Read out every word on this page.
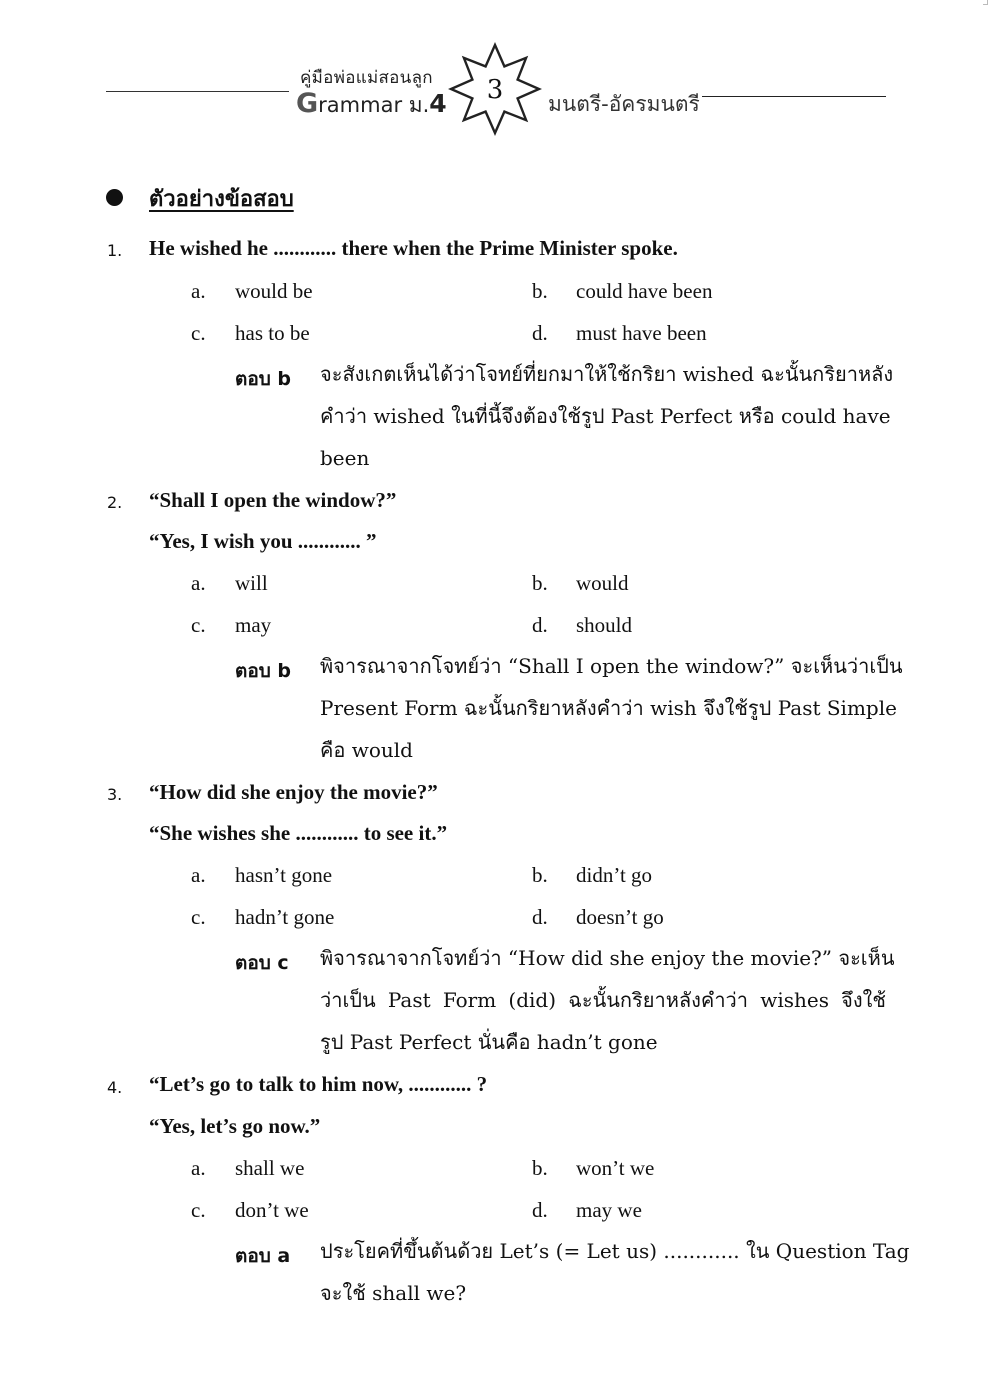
คู่มือพ่อแม่สอนลูก
Grammar ม.4 3 มนตรี-อัครมนตรี
ตัวอย่างข้อสอบ
1. He wished he ............ there when the Prime Minister spoke.
a. would be	b. could have been
c. has to be	d. must have been
ตอบ b จะสังเกตเห็นได้ว่าโจทย์ที่ยกมาให้ใช้กริยา wished ฉะนั้นกริยาหลัง
คำว่า wished ในที่นี้จึงต้องใช้รูป Past Perfect หรือ could have
been
2. “Shall I open the window?”
“Yes, I wish you ............ ”
a. will	b. would
c. may	d. should
ตอบ b พิจารณาจากโจทย์ว่า “Shall I open the window?” จะเห็นว่าเป็น
Present Form ฉะนั้นกริยาหลังคำว่า wish จึงใช้รูป Past Simple
คือ would
3. “How did she enjoy the movie?”
“She wishes she ............ to see it.”
a. hasn’t gone	b. didn’t go
c. hadn’t gone	d. doesn’t go
ตอบ c พิจารณาจากโจทย์ว่า “How did she enjoy the movie?” จะเห็น
ว่าเป็น Past Form (did) ฉะนั้นกริยาหลังคำว่า wishes จึงใช้
รูป Past Perfect นั่นคือ hadn’t gone
4. “Let’s go to talk to him now, ............ ?
“Yes, let’s go now.”
a. shall we	b. won’t we
c. don’t we	d. may we
ตอบ a ประโยคที่ขึ้นต้นด้วย Let’s (= Let us) ............ ใน Question Tag
จะใช้ shall we?
